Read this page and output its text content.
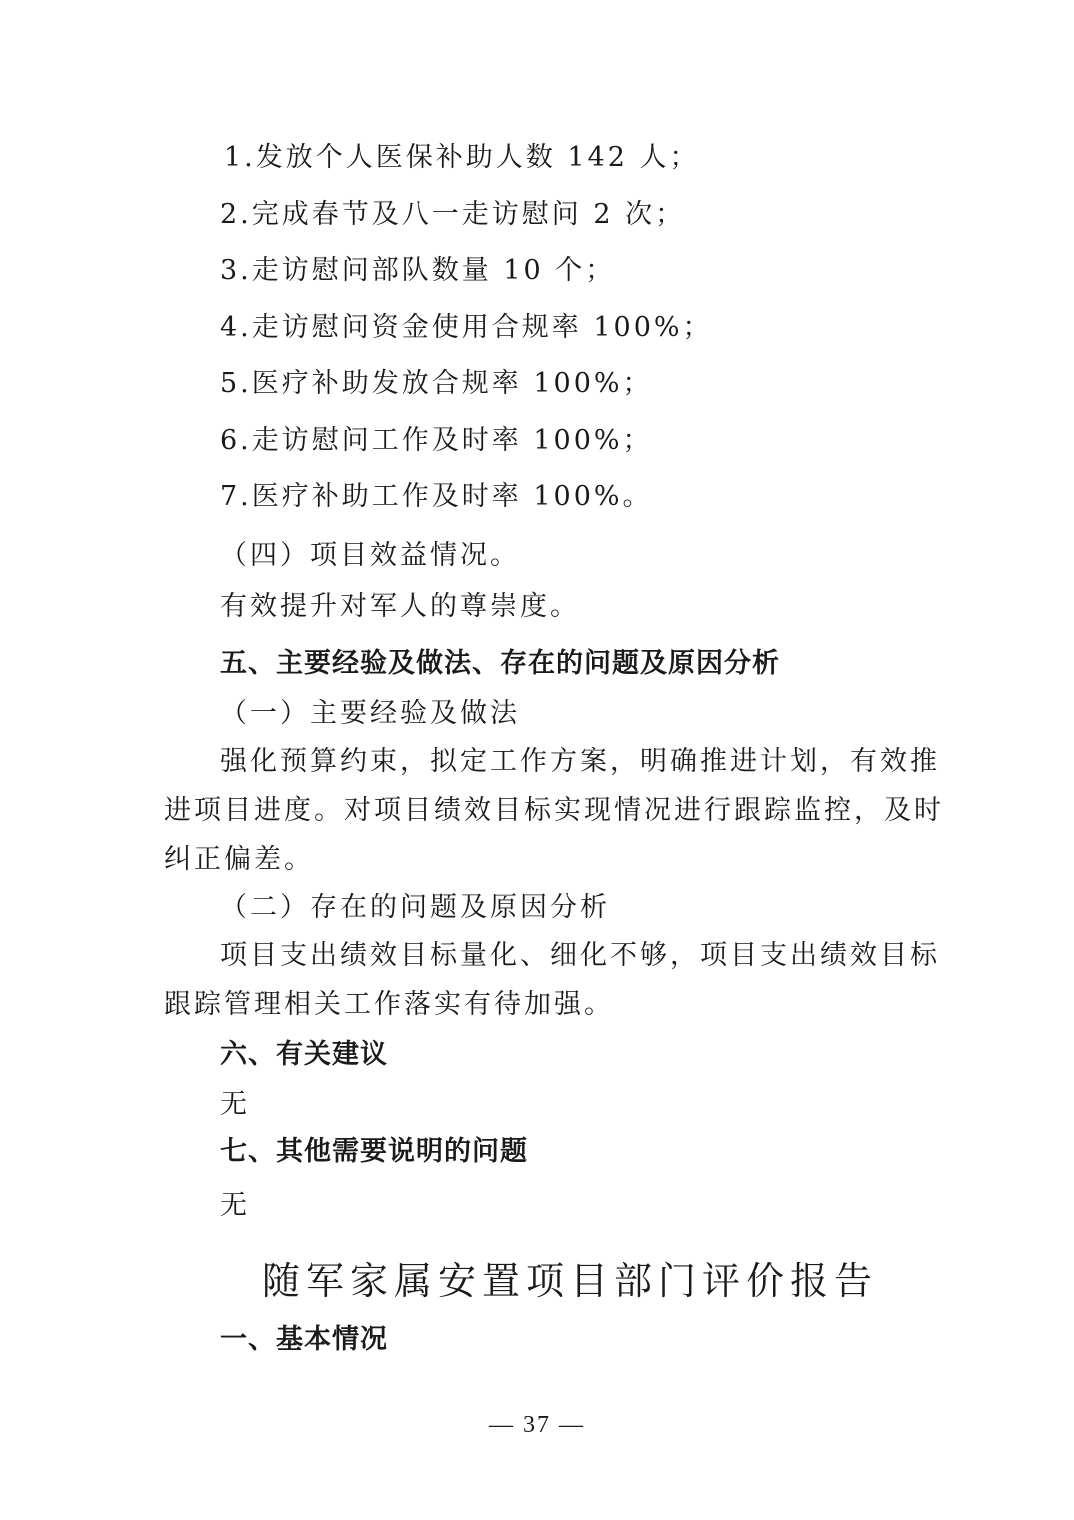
1.发放个人医保补助人数 142 人；
2.完成春节及八一走访慰问 2 次；
3.走访慰问部队数量 10 个；
4.走访慰问资金使用合规率 100%；
5.医疗补助发放合规率 100%；
6.走访慰问工作及时率 100%；
7.医疗补助工作及时率 100%。
（四）项目效益情况。
有效提升对军人的尊崇度。
五、主要经验及做法、存在的问题及原因分析
（一）主要经验及做法
强化预算约束，拟定工作方案，明确推进计划，有效推
进项目进度。对项目绩效目标实现情况进行跟踪监控，及时
纠正偏差。
（二）存在的问题及原因分析
项目支出绩效目标量化、细化不够，项目支出绩效目标
跟踪管理相关工作落实有待加强。
六、有关建议
无
七、其他需要说明的问题
无
随军家属安置项目部门评价报告
一、基本情况
— 37 —
